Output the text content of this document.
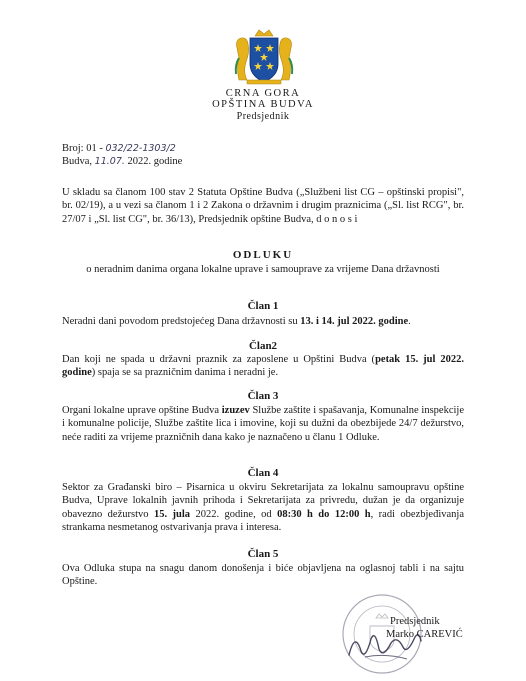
CRNA GORA
OPŠTINA BUDVA
Predsjednik
Broj: 01 - 032/22-1303/2
Budva, 11.07. 2022. godine
U skladu sa članom 100 stav 2 Statuta Opštine Budva („Službeni list CG – opštinski propisi", br. 02/19), a u vezi sa članom 1 i 2 Zakona o državnim i drugim praznicima („Sl. list RCG", br. 27/07 i „Sl. list CG", br. 36/13), Predsjednik opštine Budva, d o n o s i
ODLUKU
o neradnim danima organa lokalne uprave i samouprave za vrijeme Dana državnosti
Član 1
Neradni dani povodom predstojećeg Dana državnosti su 13. i 14. jul 2022. godine.
Član2
Dan koji ne spada u državni praznik za zaposlene u Opštini Budva (petak 15. jul 2022. godine) spaja se sa prazničnim danima i neradni je.
Član 3
Organi lokalne uprave opštine Budva izuzev Službe zaštite i spašavanja, Komunalne inspekcije i komunalne policije, Službe zaštite lica i imovine, koji su dužni da obezbijede 24/7 dežurstvo, neće raditi za vrijeme prazničnih dana kako je naznačeno u članu 1 Odluke.
Član 4
Sektor za Građanski biro – Pisarnica u okviru Sekretarijata za lokalnu samoupravu opštine Budva, Uprave lokalnih javnih prihoda i Sekretarijata za privredu, dužan je da organizuje obavezno dežurstvo 15. jula 2022. godine, od 08:30 h do 12:00 h, radi obezbjeđivanja strankama nesmetanog ostvarivanja prava i interesa.
Član 5
Ova Odluka stupa na snagu danom donošenja i biće objavljena na oglasnoj tabli i na sajtu Opštine.
Predsjednik
Marko CAREVIĆ
